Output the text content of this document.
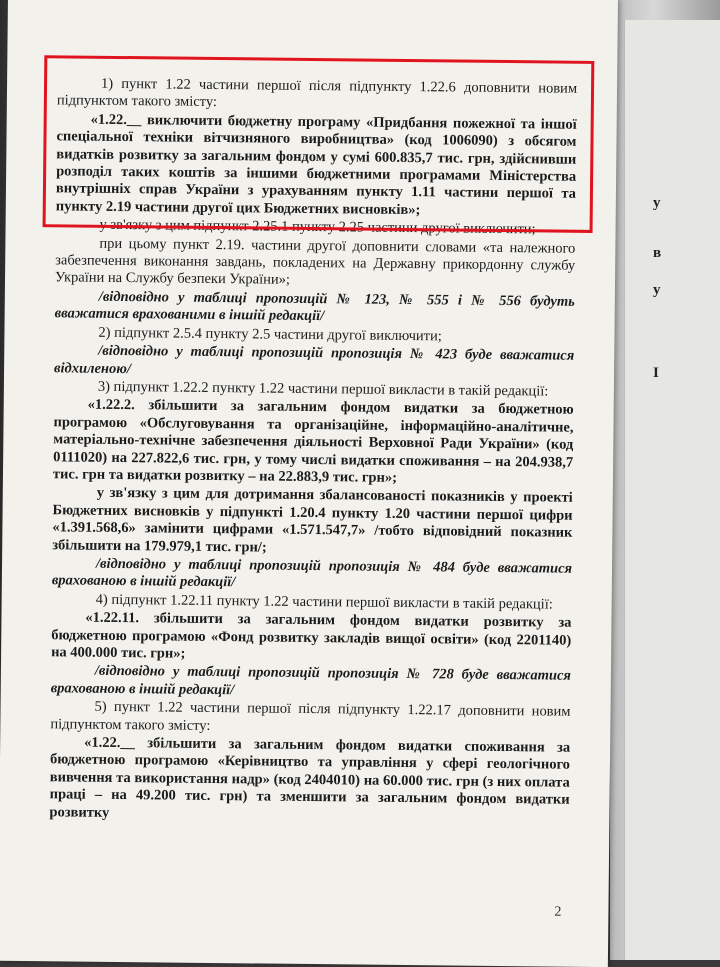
у
в
у
І

1) пункт 1.22 частини першої після підпункту 1.22.6 доповнити новим підпунктом такого змісту:

«1.22.__ виключити бюджетну програму «Придбання пожежної та іншої спеціальної техніки вітчизняного виробництва» (код 1006090) з обсягом видатків розвитку за загальним фондом у сумі 600.835,7 тис. грн, здійснивши розподіл таких коштів за іншими бюджетними програмами Міністерства внутрішніх справ України з урахуванням пункту 1.11 частини першої та пункту 2.19 частини другої цих Бюджетних висновків»;

у зв'язку з цим підпункт 2.25.1 пункту 2.25 частини другої виключити;

при цьому пункт 2.19. частини другої доповнити словами «та належного забезпечення виконання завдань, покладених на Державну прикордонну службу України на Службу безпеки України»;

/відповідно у таблиці пропозицій № 123, № 555 і № 556 будуть вважатися врахованими в іншій редакції/

2) підпункт 2.5.4 пункту 2.5 частини другої виключити;

/відповідно у таблиці пропозицій пропозиція № 423 буде вважатися відхиленою/

3) підпункт 1.22.2 пункту 1.22 частини першої викласти в такій редакції:

«1.22.2. збільшити за загальним фондом видатки за бюджетною програмою «Обслуговування та організаційне, інформаційно-аналітичне, матеріально-технічне забезпечення діяльності Верховної Ради України» (код 0111020) на 227.822,6 тис. грн, у тому числі видатки споживання – на 204.938,7 тис. грн та видатки розвитку – на 22.883,9 тис. грн»;

у зв'язку з цим для дотримання збалансованості показників у проекті Бюджетних висновків у підпункті 1.20.4 пункту 1.20 частини першої цифри «1.391.568,6» замінити цифрами «1.571.547,7» /тобто відповідний показник збільшити на 179.979,1 тис. грн/;

/відповідно у таблиці пропозицій пропозиція № 484 буде вважатися врахованою в іншій редакції/

4) підпункт 1.22.11 пункту 1.22 частини першої викласти в такій редакції:

«1.22.11. збільшити за загальним фондом видатки розвитку за бюджетною програмою «Фонд розвитку закладів вищої освіти» (код 2201140) на 400.000 тис. грн»;

/відповідно у таблиці пропозицій пропозиція № 728 буде вважатися врахованою в іншій редакції/

5) пункт 1.22 частини першої після підпункту 1.22.17 доповнити новим підпунктом такого змісту:

«1.22.__ збільшити за загальним фондом видатки споживання за бюджетною програмою «Керівництво та управління у сфері геологічного вивчення та використання надр» (код 2404010) на 60.000 тис. грн (з них оплата праці – на 49.200 тис. грн) та зменшити за загальним фондом видатки розвитку

2
